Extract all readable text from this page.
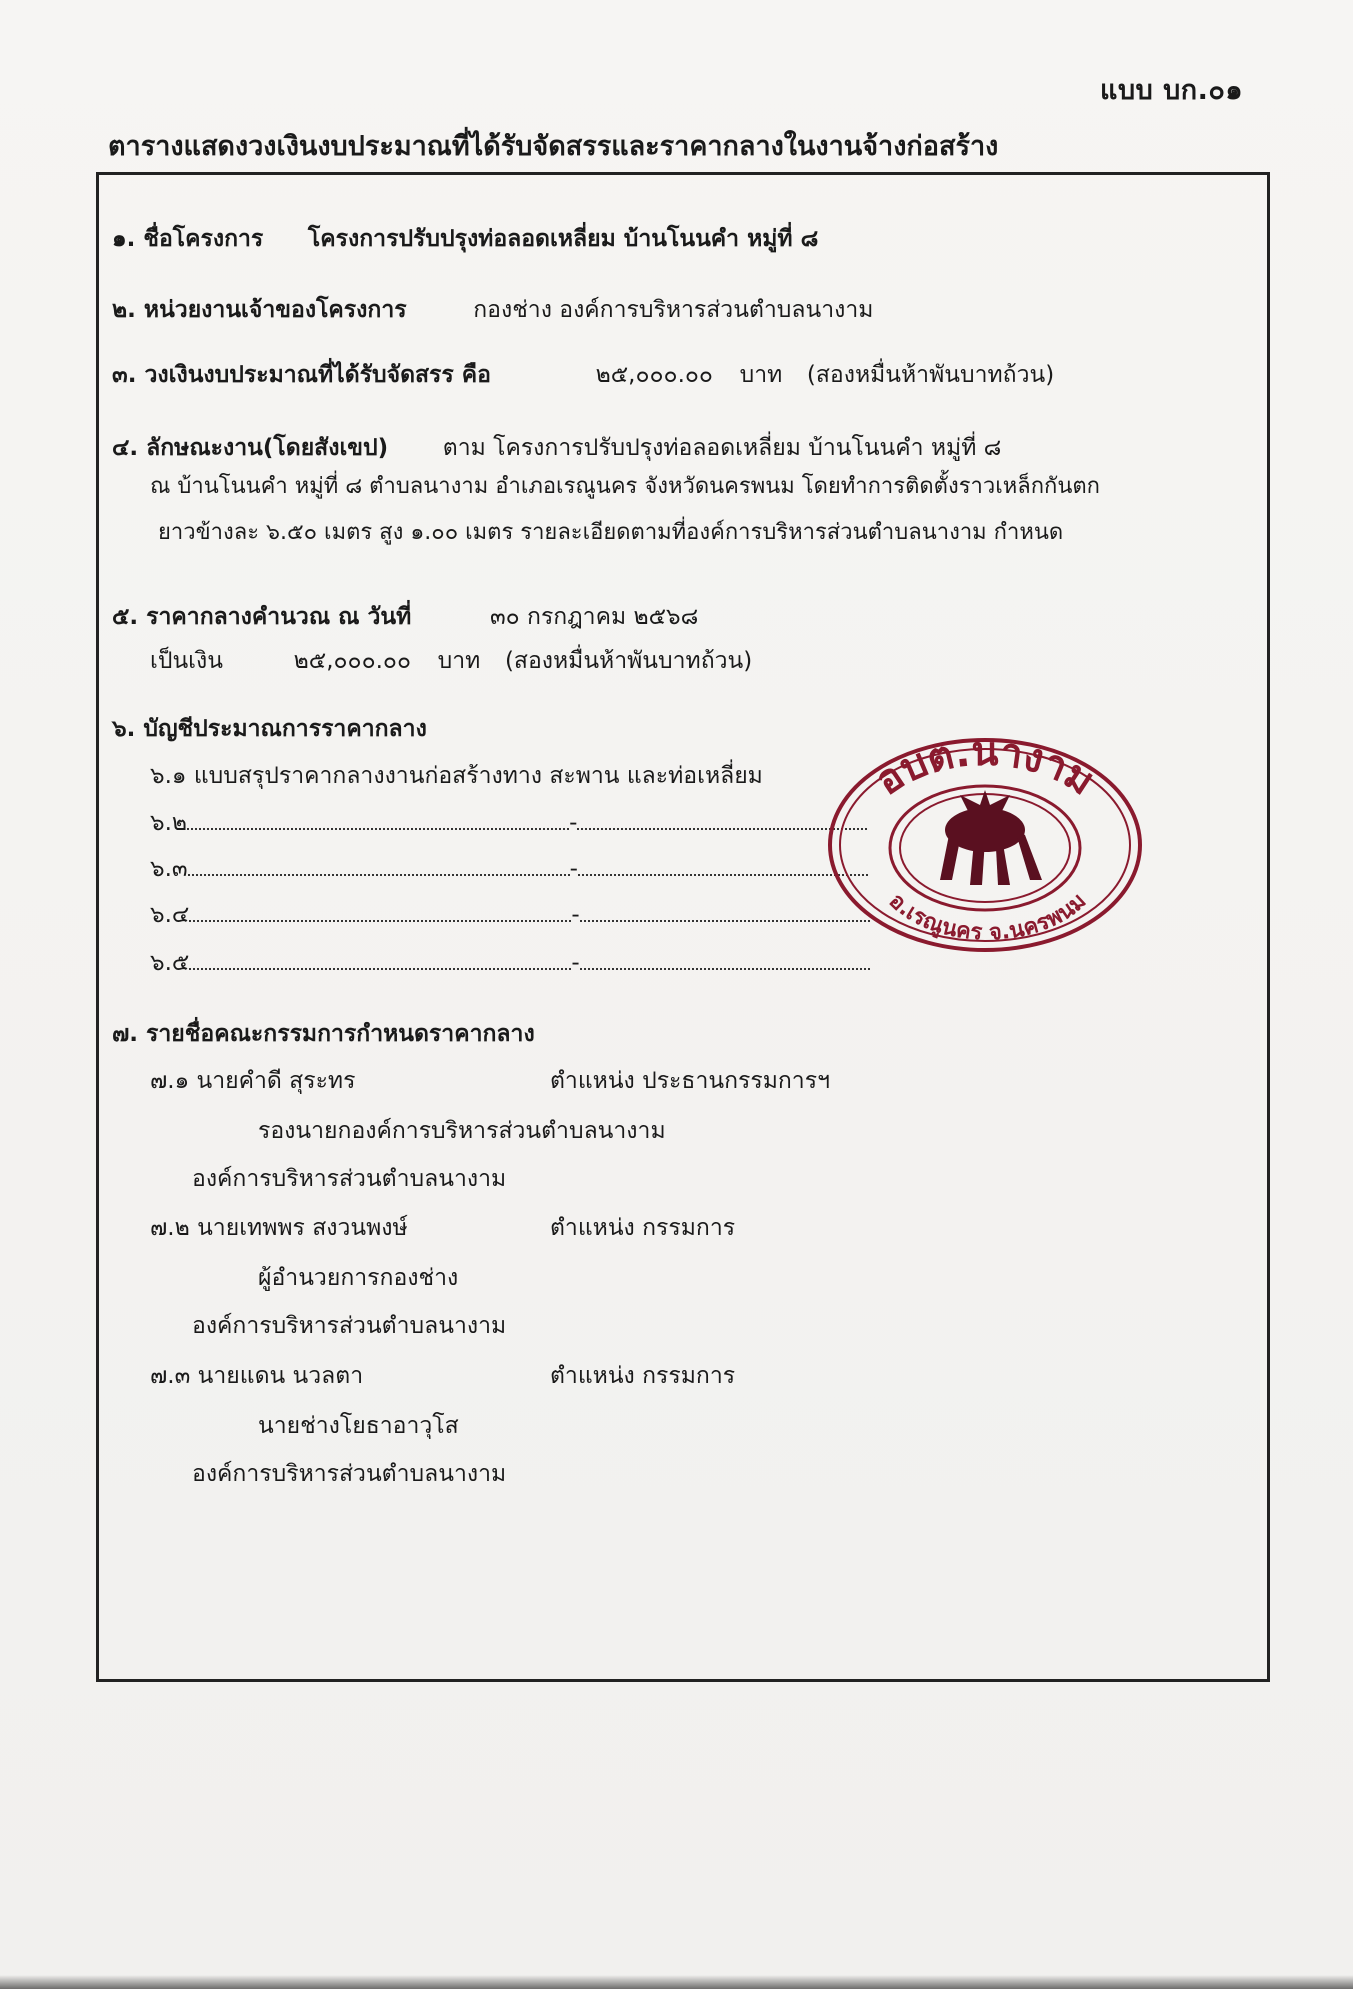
แบบ บก.๐๑
ตารางแสดงวงเงินงบประมาณที่ได้รับจัดสรรและราคากลางในงานจ้างก่อสร้าง
๑. ชื่อโครงการ โครงการปรับปรุงท่อลอดเหลี่ยม บ้านโนนคำ หมู่ที่ ๘
๒. หน่วยงานเจ้าของโครงการ	กองช่าง องค์การบริหารส่วนตำบลนางาม
๓. วงเงินงบประมาณที่ได้รับจัดสรร คือ	๒๕,๐๐๐.๐๐ บาท (สองหมื่นห้าพันบาทถ้วน)
๔. ลักษณะงาน(โดยสังเขป) ตาม โครงการปรับปรุงท่อลอดเหลี่ยม บ้านโนนคำ หมู่ที่ ๘
ณ บ้านโนนคำ หมู่ที่ ๘ ตำบลนางาม อำเภอเรณูนคร จังหวัดนครพนม โดยทำการติดตั้งราวเหล็กกันตก
ยาวข้างละ ๖.๕๐ เมตร สูง ๑.๐๐ เมตร รายละเอียดตามที่องค์การบริหารส่วนตำบลนางาม กำหนด
๕. ราคากลางคำนวณ ณ วันที่	๓๐ กรกฎาคม ๒๕๖๘
เป็นเงิน	๒๕,๐๐๐.๐๐ บาท (สองหมื่นห้าพันบาทถ้วน)
๖. บัญชีประมาณการราคากลาง
๖.๑ แบบสรุปราคากลางงานก่อสร้างทาง สะพาน และท่อเหลี่ยม
๖.๒	-
๖.๓	-
๖.๔	-
๖.๕	-
อบต.นางาม
อ.เรณูนคร จ.นครพนม
๗. รายชื่อคณะกรรมการกำหนดราคากลาง
๗.๑ นายคำดี สุระทร	ตำแหน่ง ประธานกรรมการฯ
รองนายกองค์การบริหารส่วนตำบลนางาม
องค์การบริหารส่วนตำบลนางาม
๗.๒ นายเทพพร สงวนพงษ์	ตำแหน่ง กรรมการ
ผู้อำนวยการกองช่าง
องค์การบริหารส่วนตำบลนางาม
๗.๓ นายแดน นวลตา	ตำแหน่ง กรรมการ
นายช่างโยธาอาวุโส
องค์การบริหารส่วนตำบลนางาม
